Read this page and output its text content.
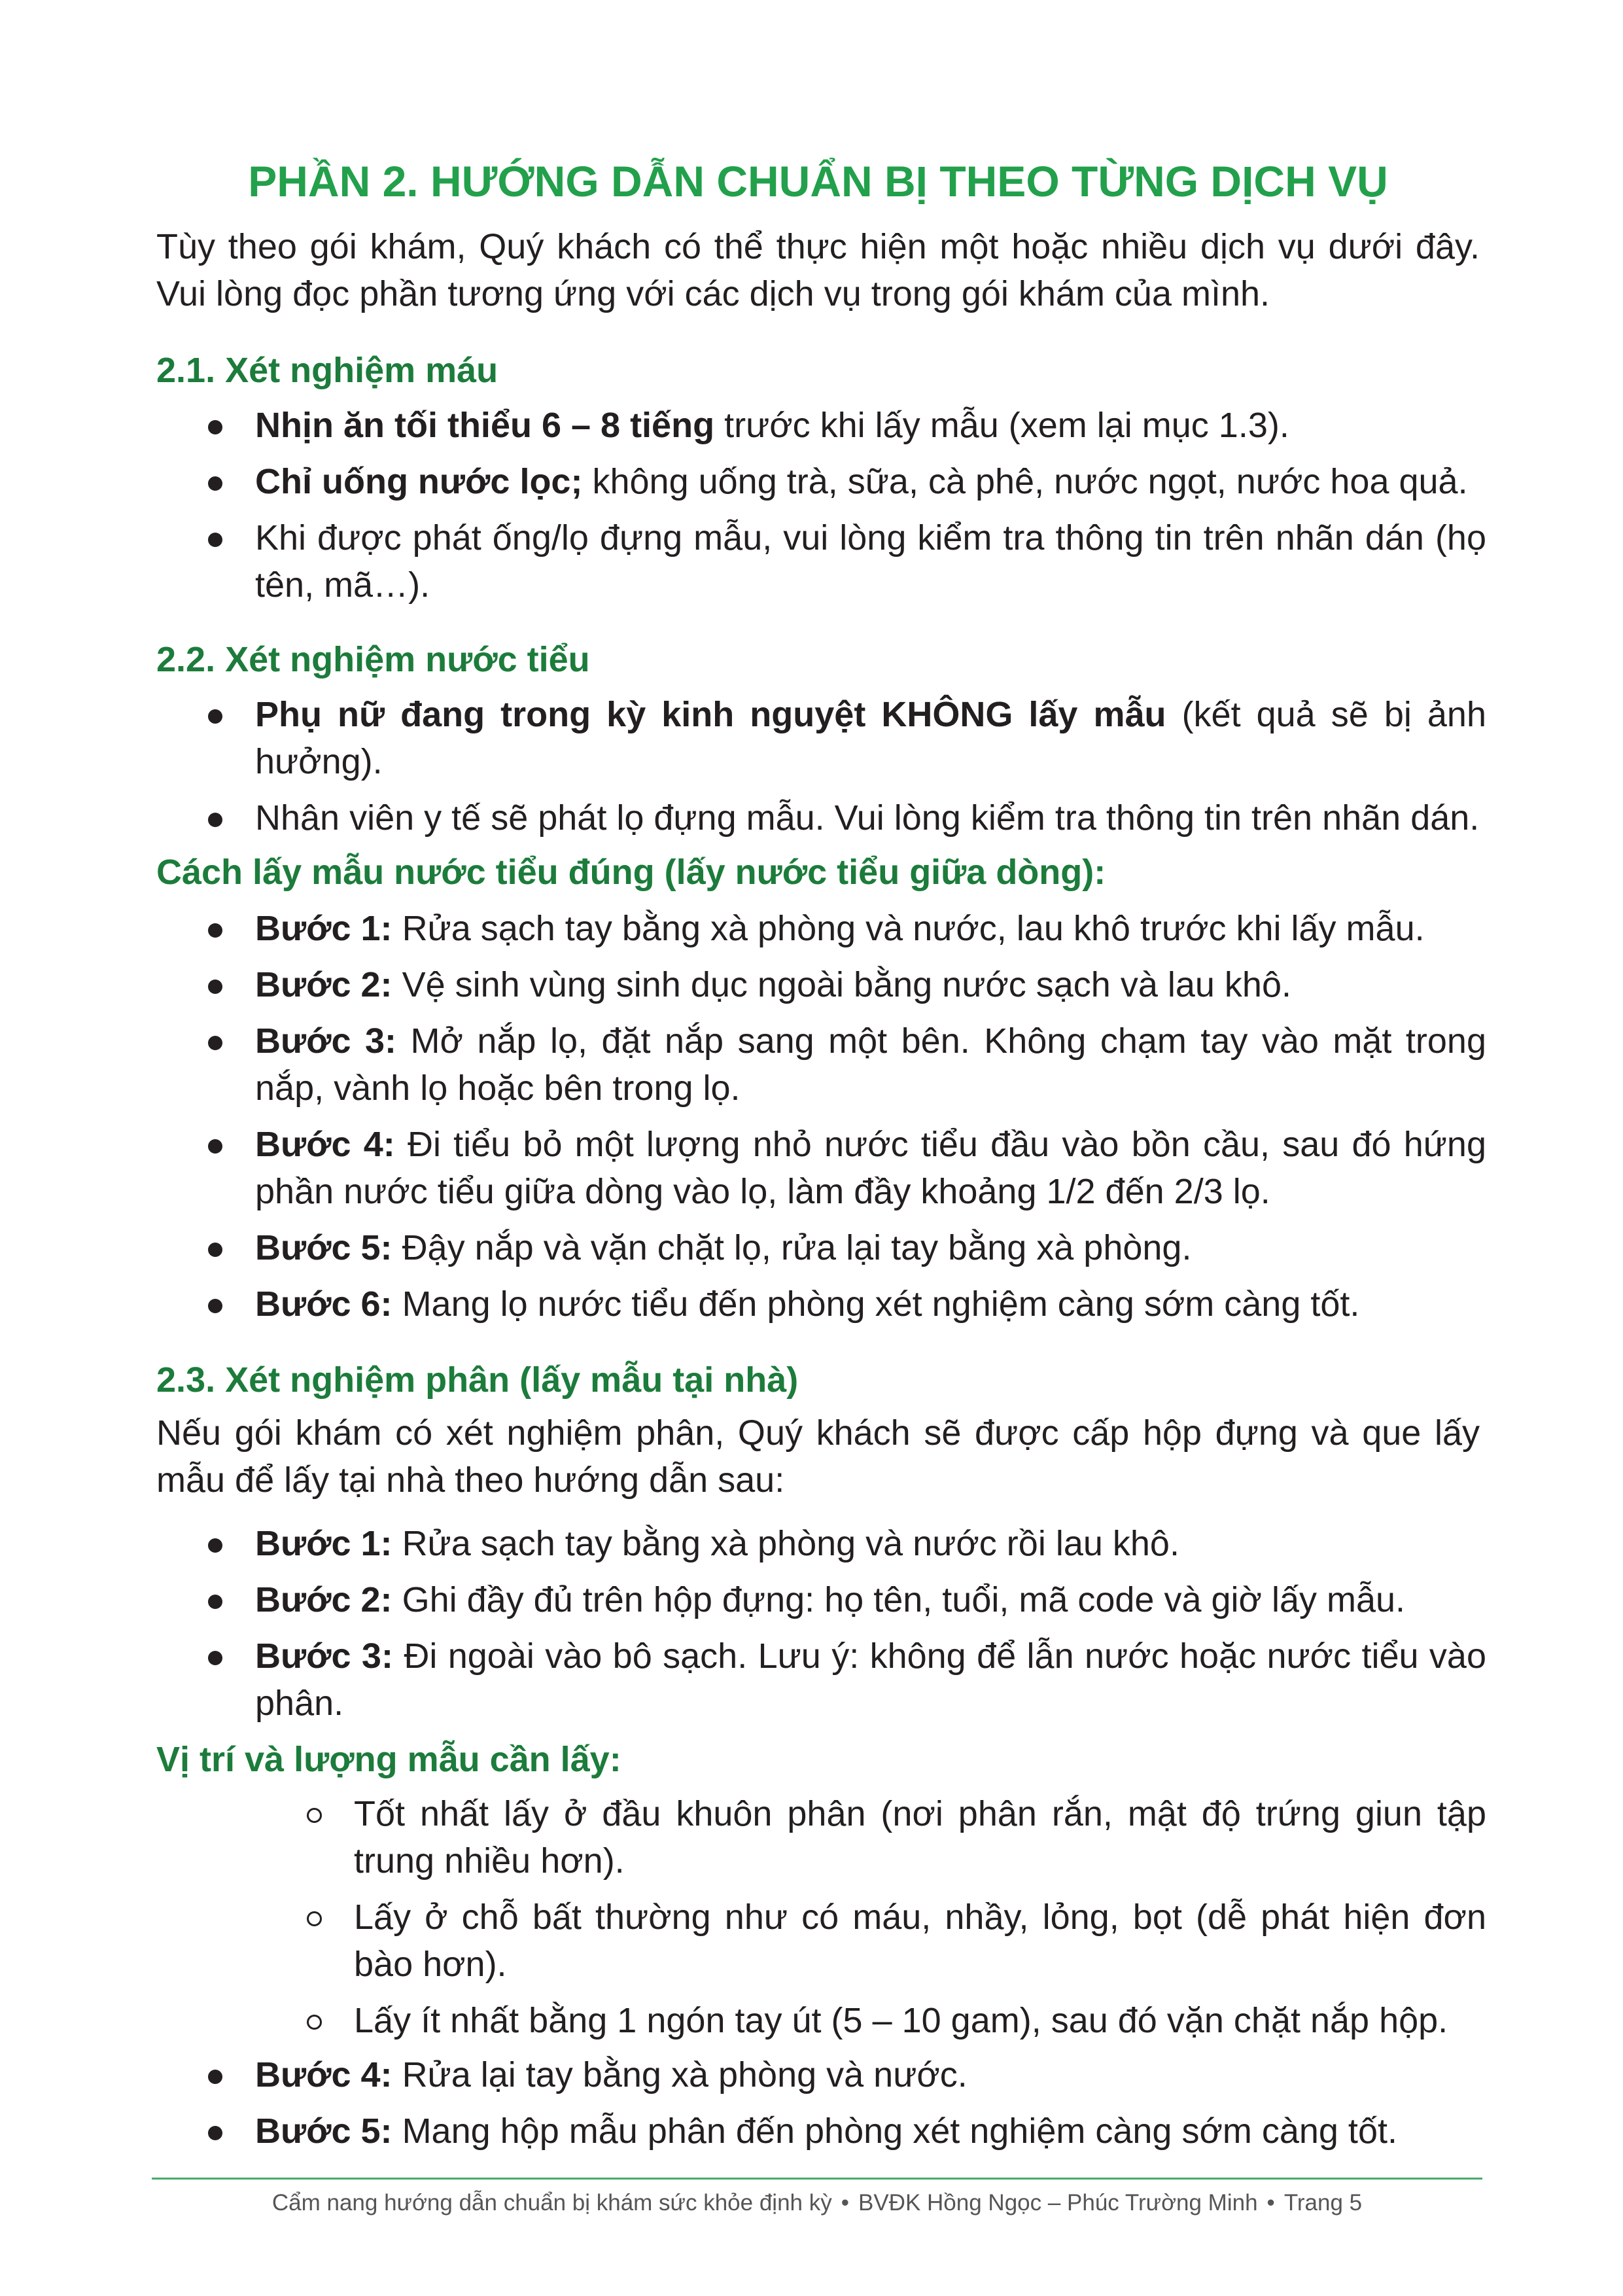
PHẦN 2. HƯỚNG DẪN CHUẨN BỊ THEO TỪNG DỊCH VỤ

Tùy theo gói khám, Quý khách có thể thực hiện một hoặc nhiều dịch vụ dưới đây. Vui lòng đọc phần tương ứng với các dịch vụ trong gói khám của mình.

2.1. Xét nghiệm máu
Nhịn ăn tối thiểu 6 – 8 tiếng trước khi lấy mẫu (xem lại mục 1.3).
Chỉ uống nước lọc; không uống trà, sữa, cà phê, nước ngọt, nước hoa quả.
Khi được phát ống/lọ đựng mẫu, vui lòng kiểm tra thông tin trên nhãn dán (họ tên, mã…).
2.2. Xét nghiệm nước tiểu
Phụ nữ đang trong kỳ kinh nguyệt KHÔNG lấy mẫu (kết quả sẽ bị ảnh hưởng).
Nhân viên y tế sẽ phát lọ đựng mẫu. Vui lòng kiểm tra thông tin trên nhãn dán.
Cách lấy mẫu nước tiểu đúng (lấy nước tiểu giữa dòng):
Bước 1: Rửa sạch tay bằng xà phòng và nước, lau khô trước khi lấy mẫu.
Bước 2: Vệ sinh vùng sinh dục ngoài bằng nước sạch và lau khô.
Bước 3: Mở nắp lọ, đặt nắp sang một bên. Không chạm tay vào mặt trong nắp, vành lọ hoặc bên trong lọ.
Bước 4: Đi tiểu bỏ một lượng nhỏ nước tiểu đầu vào bồn cầu, sau đó hứng phần nước tiểu giữa dòng vào lọ, làm đầy khoảng 1/2 đến 2/3 lọ.
Bước 5: Đậy nắp và vặn chặt lọ, rửa lại tay bằng xà phòng.
Bước 6: Mang lọ nước tiểu đến phòng xét nghiệm càng sớm càng tốt.
2.3. Xét nghiệm phân (lấy mẫu tại nhà)

Nếu gói khám có xét nghiệm phân, Quý khách sẽ được cấp hộp đựng và que lấy mẫu để lấy tại nhà theo hướng dẫn sau:

Bước 1: Rửa sạch tay bằng xà phòng và nước rồi lau khô.
Bước 2: Ghi đầy đủ trên hộp đựng: họ tên, tuổi, mã code và giờ lấy mẫu.
Bước 3: Đi ngoài vào bô sạch. Lưu ý: không để lẫn nước hoặc nước tiểu vào phân.
Vị trí và lượng mẫu cần lấy:
Tốt nhất lấy ở đầu khuôn phân (nơi phân rắn, mật độ trứng giun tập trung nhiều hơn).
Lấy ở chỗ bất thường như có máu, nhầy, lỏng, bọt (dễ phát hiện đơn bào hơn).
Lấy ít nhất bằng 1 ngón tay út (5 – 10 gam), sau đó vặn chặt nắp hộp.
Bước 4: Rửa lại tay bằng xà phòng và nước.
Bước 5: Mang hộp mẫu phân đến phòng xét nghiệm càng sớm càng tốt.
Cẩm nang hướng dẫn chuẩn bị khám sức khỏe định kỳ • BVĐK Hồng Ngọc – Phúc Trường Minh • Trang 5
